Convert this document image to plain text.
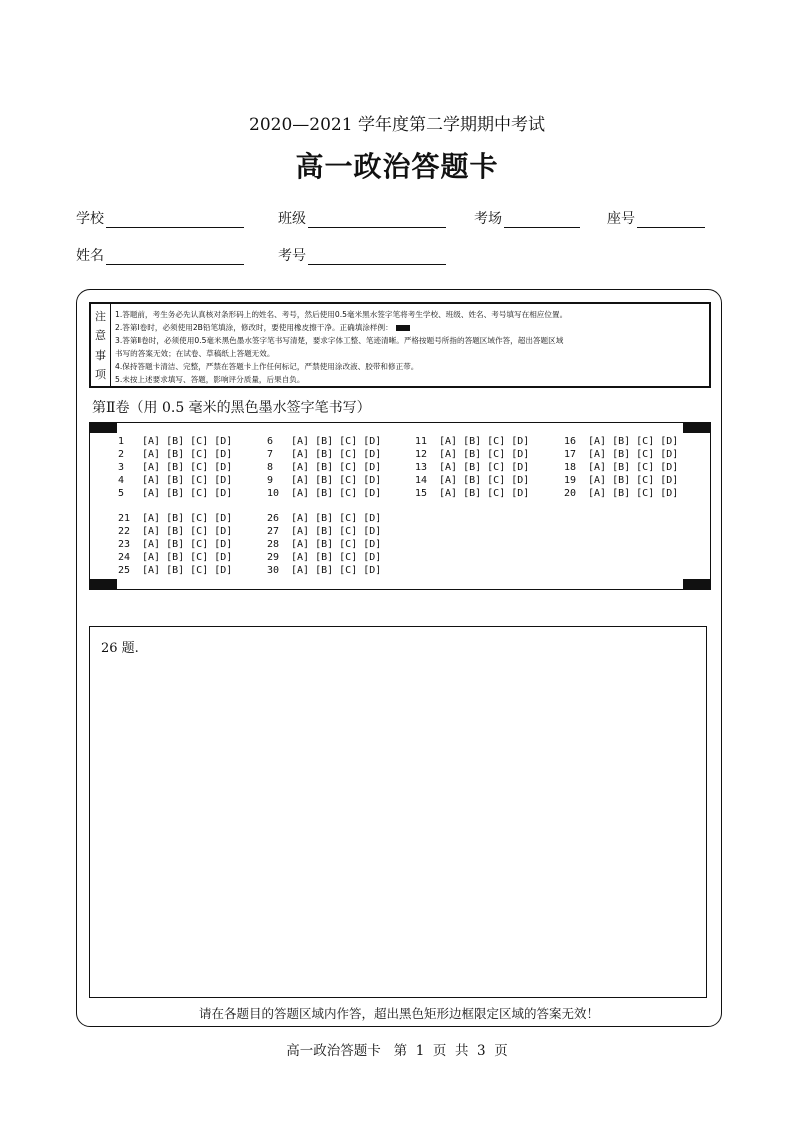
2020—2021 学年度第二学期期中考试
高一政治答题卡
学校	班级	考场	座号
姓名	考号
注
意
事
项
1.答题前，考生务必先认真核对条形码上的姓名、考号，然后使用0.5毫米黑水签字笔将考生学校、班级、姓名、考号填写在相应位置。
2.答第Ⅰ卷时，必须使用2B铅笔填涂，修改时，要使用橡皮擦干净。正确填涂样例：
3.答第Ⅱ卷时，必须使用0.5毫米黑色墨水签字笔书写清楚，要求字体工整、笔迹清晰。严格按题号所指的答题区域作答，超出答题区域
书写的答案无效；在试卷、草稿纸上答题无效。
4.保持答题卡清洁、完整，严禁在答题卡上作任何标记，严禁使用涂改液、胶带和修正带。
5.未按上述要求填写、答题，影响评分质量，后果自负。
第Ⅱ卷（用 0.5 毫米的黑色墨水签字笔书写）
1 [A] [B] [C] [D]
2 [A] [B] [C] [D]
3 [A] [B] [C] [D]
4 [A] [B] [C] [D]
5 [A] [B] [C] [D]
6 [A] [B] [C] [D]
7 [A] [B] [C] [D]
8 [A] [B] [C] [D]
9 [A] [B] [C] [D]
10 [A] [B] [C] [D]
11 [A] [B] [C] [D]
12 [A] [B] [C] [D]
13 [A] [B] [C] [D]
14 [A] [B] [C] [D]
15 [A] [B] [C] [D]
16 [A] [B] [C] [D]
17 [A] [B] [C] [D]
18 [A] [B] [C] [D]
19 [A] [B] [C] [D]
20 [A] [B] [C] [D]
21 [A] [B] [C] [D]
22 [A] [B] [C] [D]
23 [A] [B] [C] [D]
24 [A] [B] [C] [D]
25 [A] [B] [C] [D]
26 [A] [B] [C] [D]
27 [A] [B] [C] [D]
28 [A] [B] [C] [D]
29 [A] [B] [C] [D]
30 [A] [B] [C] [D]
26 题.
请在各题目的答题区域内作答，超出黑色矩形边框限定区域的答案无效！
高一政治答题卡   第  1  页  共  3  页
